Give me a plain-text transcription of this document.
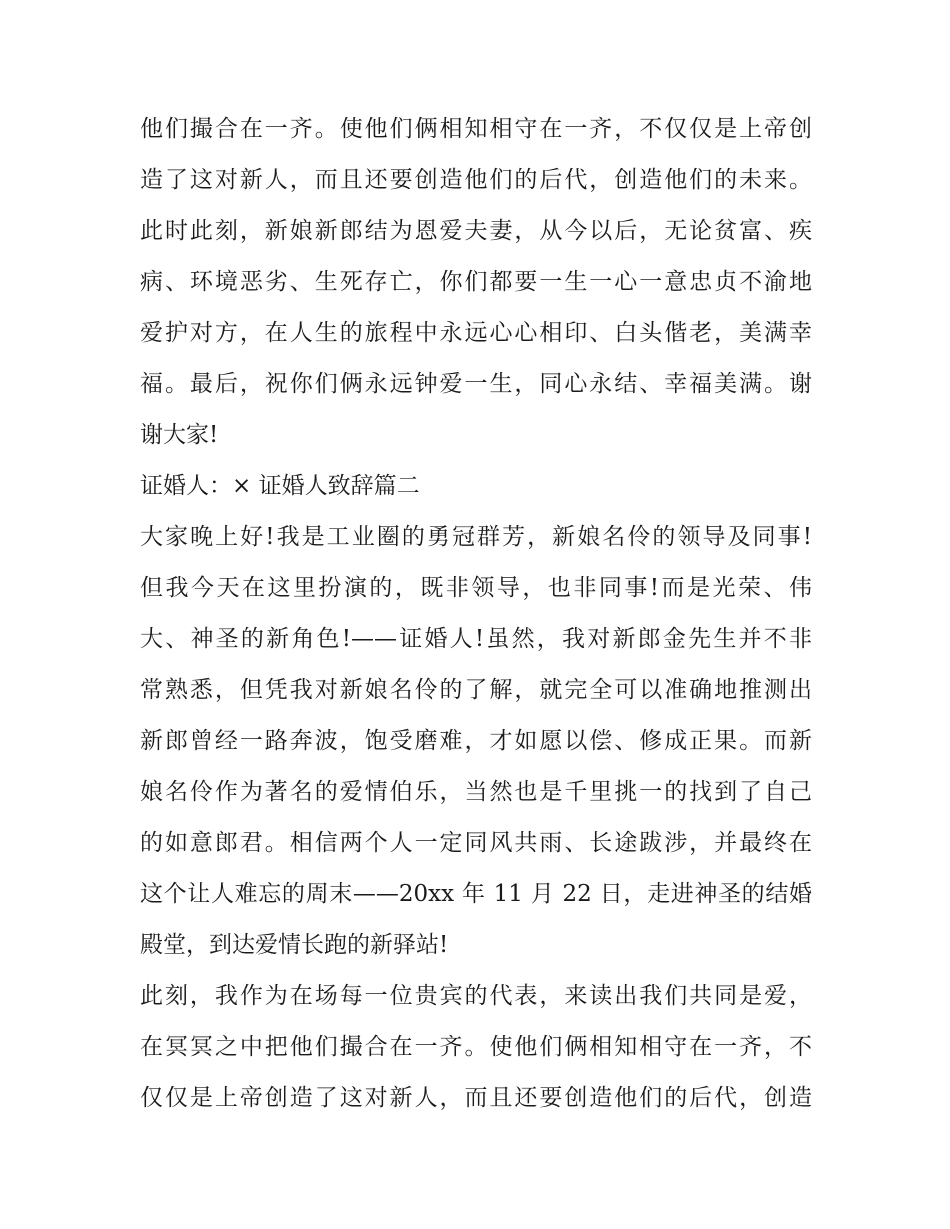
他们撮合在一齐。使他们俩相知相守在一齐，不仅仅是上帝创
造了这对新人，而且还要创造他们的后代，创造他们的未来。
此时此刻，新娘新郎结为恩爱夫妻，从今以后，无论贫富、疾
病、环境恶劣、生死存亡，你们都要一生一心一意忠贞不渝地
爱护对方，在人生的旅程中永远心心相印、白头偕老，美满幸
福。最后，祝你们俩永远钟爱一生，同心永结、幸福美满。谢
谢大家!
证婚人：× 证婚人致辞篇二
大家晚上好!我是工业圈的勇冠群芳，新娘名伶的领导及同事!
但我今天在这里扮演的，既非领导，也非同事!而是光荣、伟
大、神圣的新角色!——证婚人!虽然，我对新郎金先生并不非
常熟悉，但凭我对新娘名伶的了解，就完全可以准确地推测出
新郎曾经一路奔波，饱受磨难，才如愿以偿、修成正果。而新
娘名伶作为著名的爱情伯乐，当然也是千里挑一的找到了自己
的如意郎君。相信两个人一定同风共雨、长途跋涉，并最终在
这个让人难忘的周末——20xx 年 11 月 22 日，走进神圣的结婚
殿堂，到达爱情长跑的新驿站!
此刻，我作为在场每一位贵宾的代表，来读出我们共同是爱，
在冥冥之中把他们撮合在一齐。使他们俩相知相守在一齐，不
仅仅是上帝创造了这对新人，而且还要创造他们的后代，创造
